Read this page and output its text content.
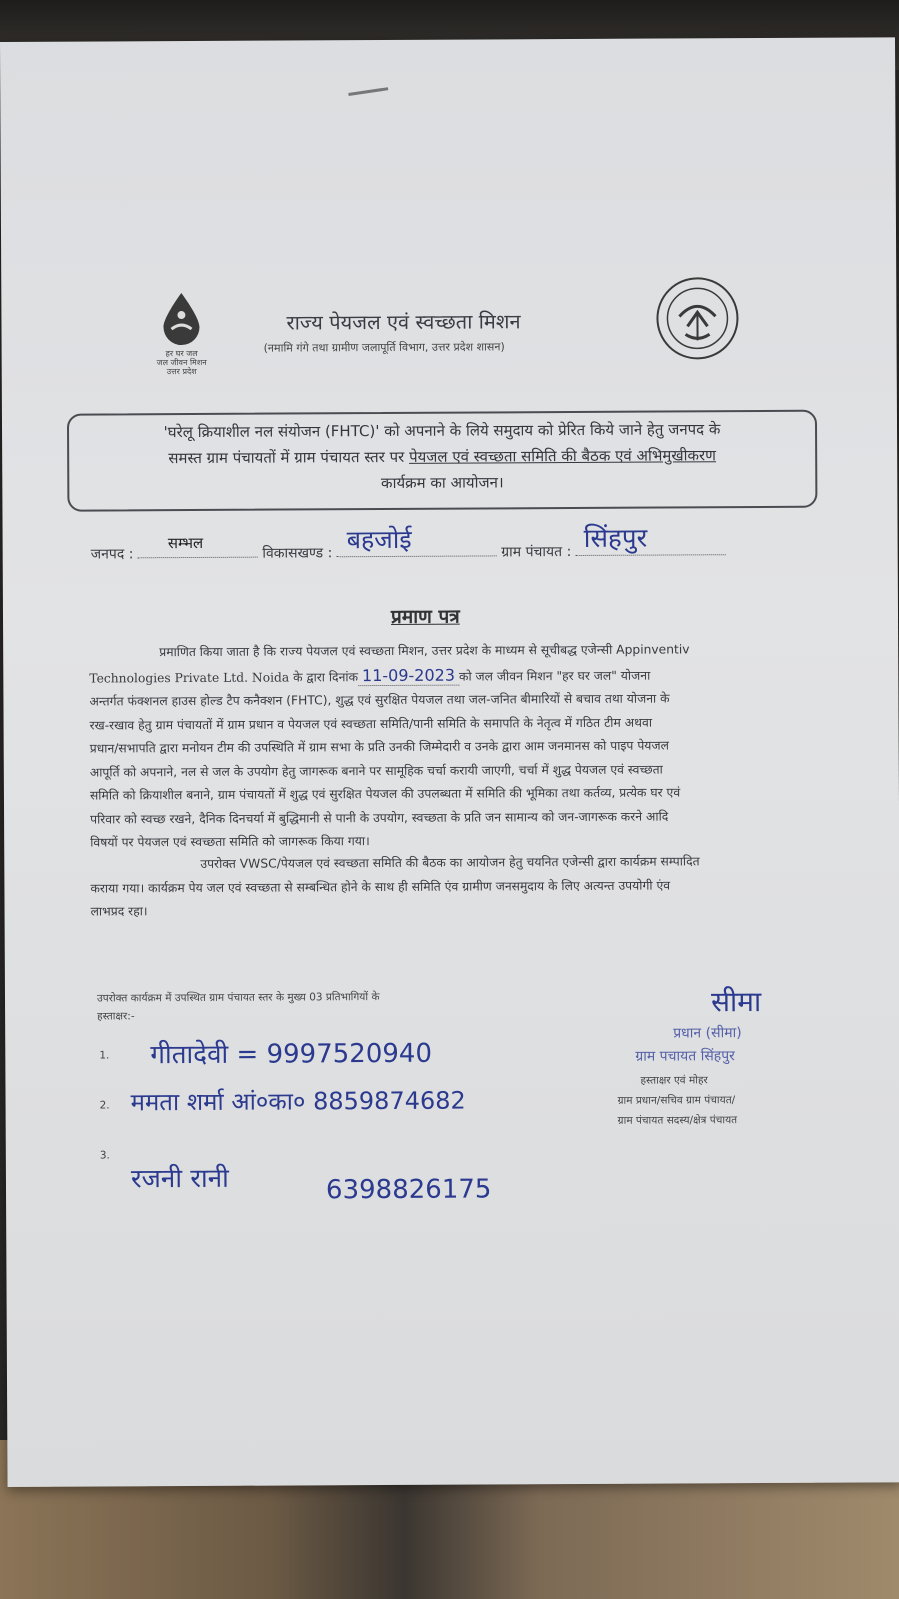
हर घर जल
जल जीवन मिशन
उत्तर प्रदेश
राज्य पेयजल एवं स्वच्छता मिशन
(नमामि गंगे तथा ग्रामीण जलापूर्ति विभाग, उत्तर प्रदेश शासन)
'घरेलू क्रियाशील नल संयोजन (FHTC)' को अपनाने के लिये समुदाय को प्रेरित किये जाने हेतु जनपद के
समस्त ग्राम पंचायतों में ग्राम पंचायत स्तर पर पेयजल एवं स्वच्छता समिति की बैठक एवं अभिमुखीकरण
कार्यक्रम का आयोजन।
जनपद :
सम्भल
विकासखण्ड : बहजोई	ग्राम पंचायत : सिंहपुर
प्रमाण पत्र
प्रमाणित किया जाता है कि राज्य पेयजल एवं स्वच्छता मिशन, उत्तर प्रदेश के माध्यम से सूचीबद्ध एजेन्सी Appinventiv
Technologies Private Ltd. Noida के द्वारा दिनांक 11-09-2023 को जल जीवन मिशन "हर घर जल" योजना
अन्तर्गत फंक्शनल हाउस होल्ड टैप कनैक्शन (FHTC), शुद्ध एवं सुरक्षित पेयजल तथा जल-जनित बीमारियों से बचाव तथा योजना के
रख-रखाव हेतु ग्राम पंचायतों में ग्राम प्रधान व पेयजल एवं स्वच्छता समिति/पानी समिति के समापति के नेतृत्व में गठित टीम अथवा
प्रधान/सभापति द्वारा मनोयन टीम की उपस्थिति में ग्राम सभा के प्रति उनकी जिम्मेदारी व उनके द्वारा आम जनमानस को पाइप पेयजल
आपूर्ति को अपनाने, नल से जल के उपयोग हेतु जागरूक बनाने पर सामूहिक चर्चा करायी जाएगी, चर्चा में शुद्ध पेयजल एवं स्वच्छता
समिति को क्रियाशील बनाने, ग्राम पंचायतों में शुद्ध एवं सुरक्षित पेयजल की उपलब्धता में समिति की भूमिका तथा कर्तव्य, प्रत्येक घर एवं
परिवार को स्वच्छ रखने, दैनिक दिनचर्या में बुद्धिमानी से पानी के उपयोग, स्वच्छता के प्रति जन सामान्य को जन-जागरूक करने आदि
विषयों पर पेयजल एवं स्वच्छता समिति को जागरूक किया गया।
उपरोक्त VWSC/पेयजल एवं स्वच्छता समिति की बैठक का आयोजन हेतु चयनित एजेन्सी द्वारा कार्यक्रम सम्पादित
कराया गया। कार्यक्रम पेय जल एवं स्वच्छता से सम्बन्धित होने के साथ ही समिति एंव ग्रामीण जनसमुदाय के लिए अत्यन्त उपयोगी एंव
लाभप्रद रहा।
उपरोक्त कार्यक्रम में उपस्थित ग्राम पंचायत स्तर के मुख्य 03 प्रतिभागियों के
हस्ताक्षर:-
1.
2.
3.
गीतादेवी = 9997520940
ममता शर्मा आं०का० 8859874682
रजनी रानी	6398826175
सीमा
प्रधान (सीमा)
ग्राम पचायत सिंहपुर
हस्ताक्षर एवं मोहर
ग्राम प्रधान/सचिव ग्राम पंचायत/
ग्राम पंचायत सदस्य/क्षेत्र पंचायत
